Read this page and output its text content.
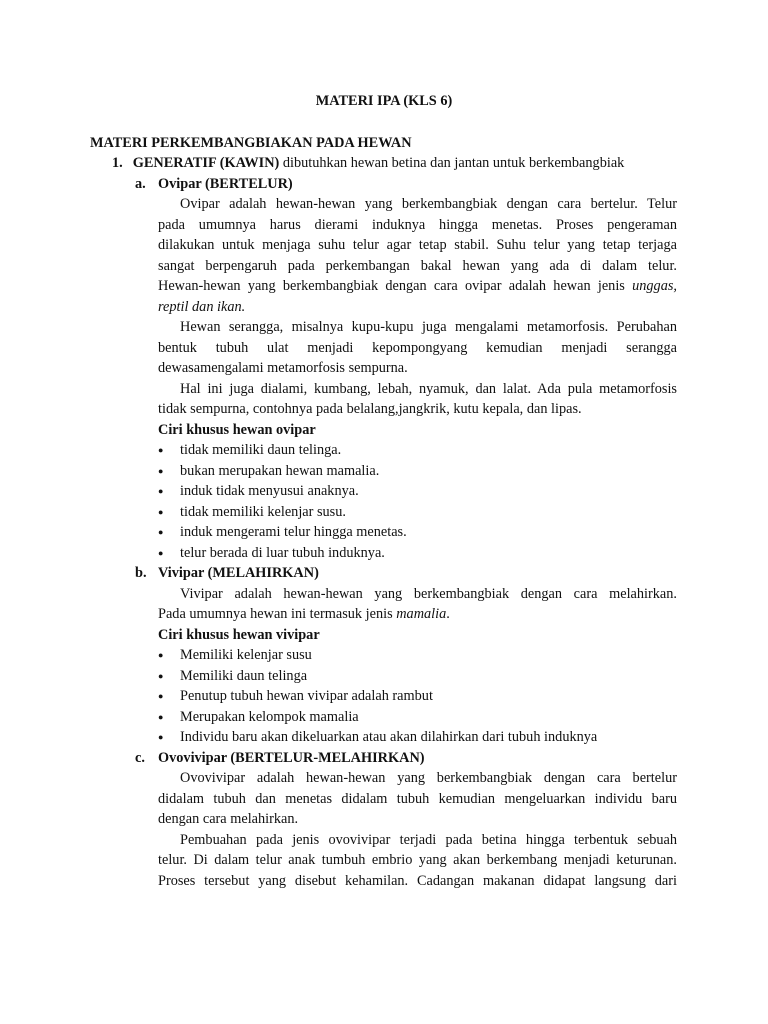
MATERI IPA (KLS 6)
MATERI PERKEMBANGBIAKAN PADA HEWAN
1. GENERATIF (KAWIN) dibutuhkan hewan betina dan jantan untuk berkembangbiak
a. Ovipar (BERTELUR)
Ovipar adalah hewan-hewan yang berkembangbiak dengan cara bertelur. Telur
pada umumnya harus dierami induknya hingga menetas. Proses pengeraman
dilakukan untuk menjaga suhu telur agar tetap stabil. Suhu telur yang tetap terjaga
sangat berpengaruh pada perkembangan bakal hewan yang ada di dalam telur.
Hewan-hewan yang berkembangbiak dengan cara ovipar adalah hewan jenis unggas,
reptil dan ikan.
Hewan serangga, misalnya kupu-kupu juga mengalami metamorfosis. Perubahan
bentuk tubuh ulat menjadi kepompongyang kemudian menjadi serangga
dewasamengalami metamorfosis sempurna.
Hal ini juga dialami, kumbang, lebah, nyamuk, dan lalat. Ada pula metamorfosis
tidak sempurna, contohnya pada belalang,jangkrik, kutu kepala, dan lipas.
Ciri khusus hewan ovipar
● tidak memiliki daun telinga.
● bukan merupakan hewan mamalia.
● induk tidak menyusui anaknya.
● tidak memiliki kelenjar susu.
● induk mengerami telur hingga menetas.
● telur berada di luar tubuh induknya.
b. Vivipar (MELAHIRKAN)
Vivipar adalah hewan-hewan yang berkembangbiak dengan cara melahirkan.
Pada umumnya hewan ini termasuk jenis mamalia.
Ciri khusus hewan vivipar
● Memiliki kelenjar susu
● Memiliki daun telinga
● Penutup tubuh hewan vivipar adalah rambut
● Merupakan kelompok mamalia
● Individu baru akan dikeluarkan atau akan dilahirkan dari tubuh induknya
c. Ovovivipar (BERTELUR-MELAHIRKAN)
Ovovivipar adalah hewan-hewan yang berkembangbiak dengan cara bertelur
didalam tubuh dan menetas didalam tubuh kemudian mengeluarkan individu baru
dengan cara melahirkan.
Pembuahan pada jenis ovovivipar terjadi pada betina hingga terbentuk sebuah
telur. Di dalam telur anak tumbuh embrio yang akan berkembang menjadi keturunan.
Proses tersebut yang disebut kehamilan. Cadangan makanan didapat langsung dari
